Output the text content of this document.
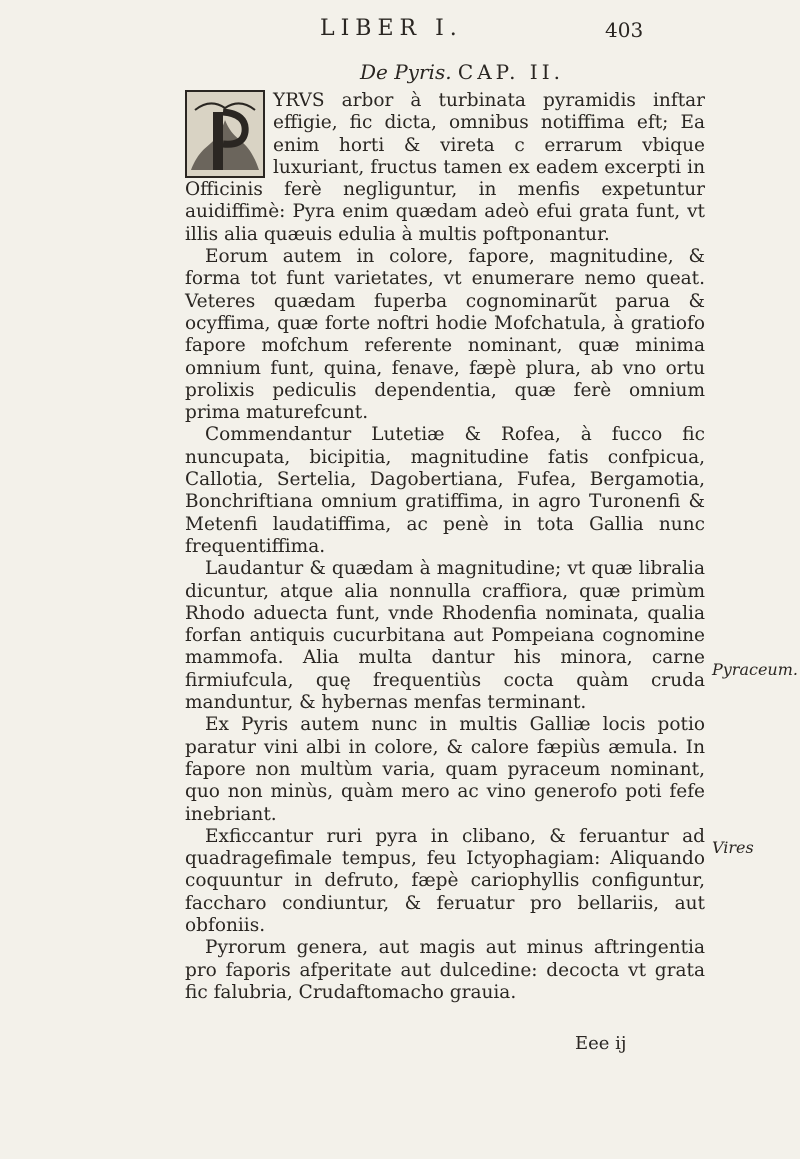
LIBER I.	403
De Pyris. CAP. II.

YRVS arbor à turbinata pyramidis inftar effigie, fic dicta, omnibus notiffima eft; Ea enim horti & vireta c errarum vbique luxuriant, fructus tamen ex eadem excerpti in Officinis ferè negliguntur, in menfis expetuntur auidiffimè: Pyra enim quædam adeò efui grata funt, vt illis alia quæuis edulia à multis poftponantur.

Eorum autem in colore, fapore, magnitudine, & forma tot funt varietates, vt enumerare nemo queat. Veteres quædam fuperba cognominarũt parua & ocyffima, quæ forte noftri hodie Mofchatula, à gratiofo fapore mofchum referente nominant, quæ minima omnium funt, quina, fenave, fæpè plura, ab vno ortu prolixis pediculis dependentia, quæ ferè omnium prima maturefcunt.

Commendantur Lutetiæ & Rofea, à fucco fic nuncupata, bicipitia, magnitudine fatis confpicua, Callotia, Sertelia, Dagobertiana, Fufea, Bergamotia, Bonchriftiana omnium gratiffima, in agro Turonenfi & Metenfi laudatiffima, ac penè in tota Gallia nunc frequentiffima.

Laudantur & quædam à magnitudine; vt quæ libralia dicuntur, atque alia nonnulla craffiora, quæ primùm Rhodo aduecta funt, vnde Rhodenfia nominata, qualia forfan antiquis cucurbitana aut Pompeiana cognomine mammofa. Alia multa dantur his minora, carne firmiufcula, quę frequentiùs cocta quàm cruda manduntur, & hybernas menfas terminant.

Ex Pyris autem nunc in multis Galliæ locis potio paratur vini albi in colore, & calore fæpiùs æmula. In fapore non multùm varia, quam pyraceum nominant, quo non minùs, quàm mero ac vino generofo poti fefe inebriant.

Exficcantur ruri pyra in clibano, & feruantur ad quadragefimale tempus, feu Ictyophagiam: Aliquando coquuntur in defruto, fæpè cariophyllis configuntur, faccharo condiuntur, & feruatur pro bellariis, aut obfoniis.

Pyrorum genera, aut magis aut minus aftringentia pro faporis afperitate aut dulcedine: decocta vt grata fic falubria, Crudaftomacho grauia.

Pyraceum.
Vires
Eee ij
